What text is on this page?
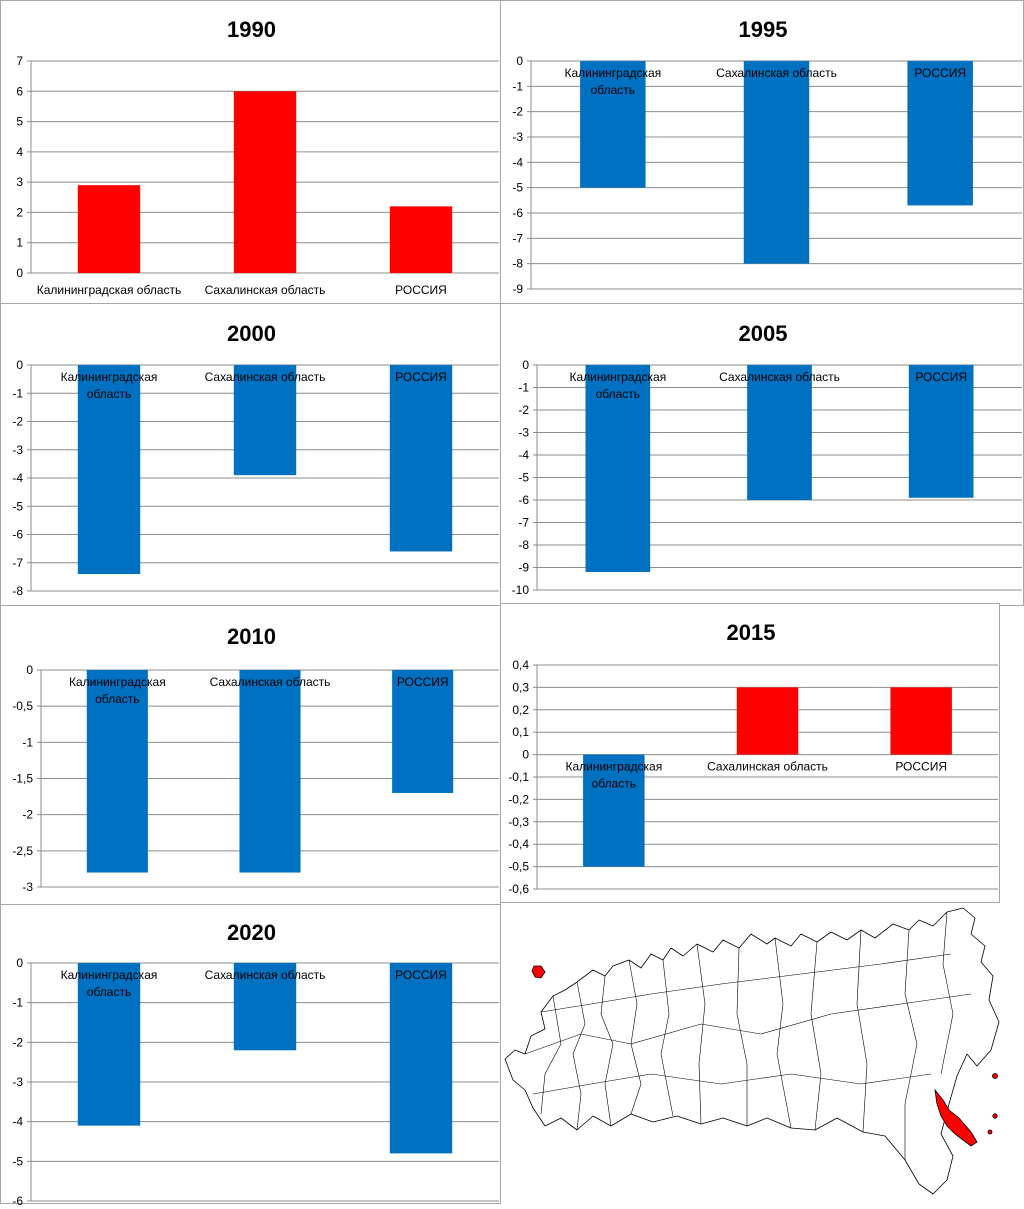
1990
0
1
2
3
4
5
6
7
Калининградская область Сахалинская область	РОССИЯ
1995
0
-1
-2
-3
-4
-5
-6
-7
-8
-9
Калининградская область
Сахалинская область	РОССИЯ
2000
0
-1
-2
-3
-4
-5
-6
-7
-8
Калининградская область
Сахалинская область	РОССИЯ
2005
0
-1
-2
-3
-4
-5
-6
-7
-8
-9
-10
Калининградская область
Сахалинская область	РОССИЯ
2010
0
-0,5
-1
-1,5
-2
-2,5
-3
Калининградская область
Сахалинская область	РОССИЯ
2015
0,4
0,3
0,2
0,1
0
-0,1
-0,2
-0,3
-0,4
-0,5
-0,6
Калининградская область
Сахалинская область	РОССИЯ
2020
0
-1
-2
-3
-4
-5
-6
Калининградская область
Сахалинская область	РОССИЯ
